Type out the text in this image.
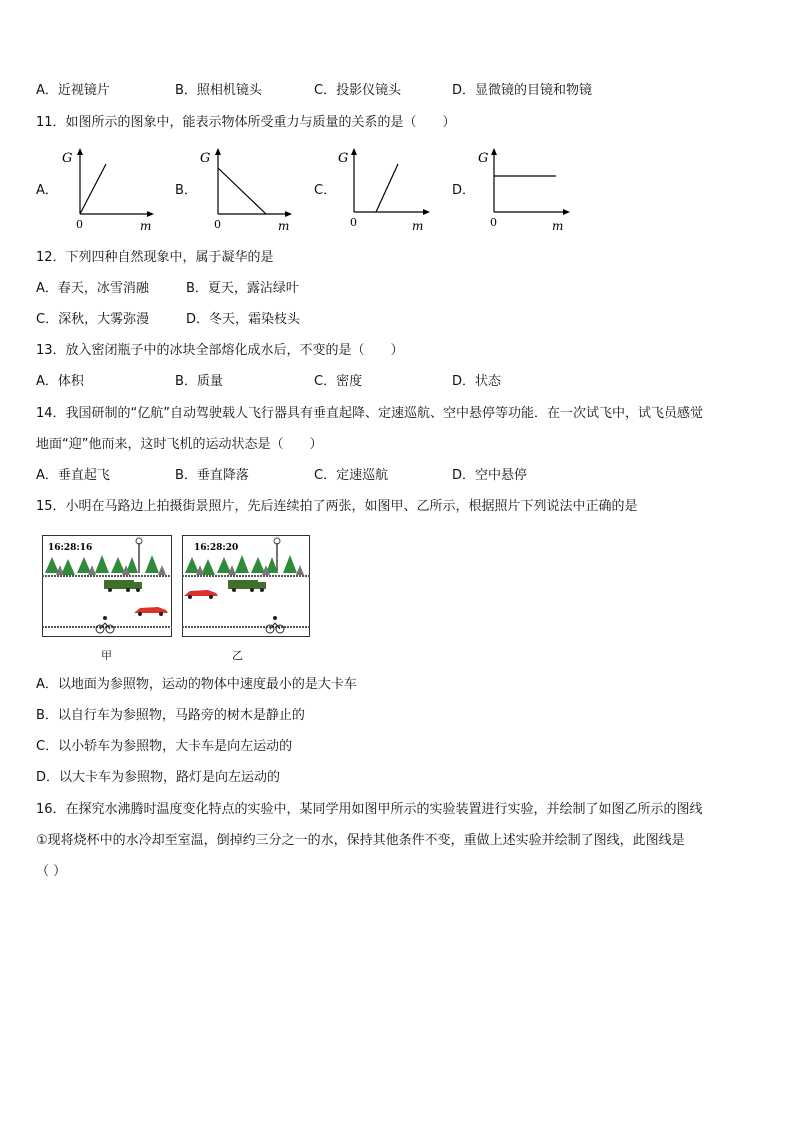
A．近视镜片	B．照相机镜头	C．投影仪镜头	D．显微镜的目镜和物镜
11．如图所示的图象中，能表示物体所受重力与质量的关系的是（　　）
A．	B．	C．	D．
G
m
0
G
m
0
G
m
0
G
m
0
12．下列四种自然现象中，属于凝华的是
A．春天，冰雪消融	B．夏天，露沾绿叶
C．深秋，大雾弥漫	D．冬天，霜染枝头
13．放入密闭瓶子中的冰块全部熔化成水后，不变的是（　　）
A．体积	B．质量	C．密度	D．状态
14．我国研制的“亿航”自动驾驶载人飞行器具有垂直起降、定速巡航、空中悬停等功能．在一次试飞中，试飞员感觉
地面“迎”他而来，这时飞机的运动状态是（　　）
A．垂直起飞	B．垂直降落	C．定速巡航	D．空中悬停
15．小明在马路边上拍摄街景照片，先后连续拍了两张，如图甲、乙所示，根据照片下列说法中正确的是
16:28:16
甲
16:28:20
乙
A．以地面为参照物，运动的物体中速度最小的是大卡车
B．以自行车为参照物，马路旁的树木是静止的
C．以小轿车为参照物，大卡车是向左运动的
D．以大卡车为参照物，路灯是向左运动的
16．在探究水沸腾时温度变化特点的实验中，某同学用如图甲所示的实验装置进行实验，并绘制了如图乙所示的图线
①现将烧杯中的水冷却至室温，倒掉约三分之一的水，保持其他条件不变，重做上述实验并绘制了图线，此图线是
（ ）
